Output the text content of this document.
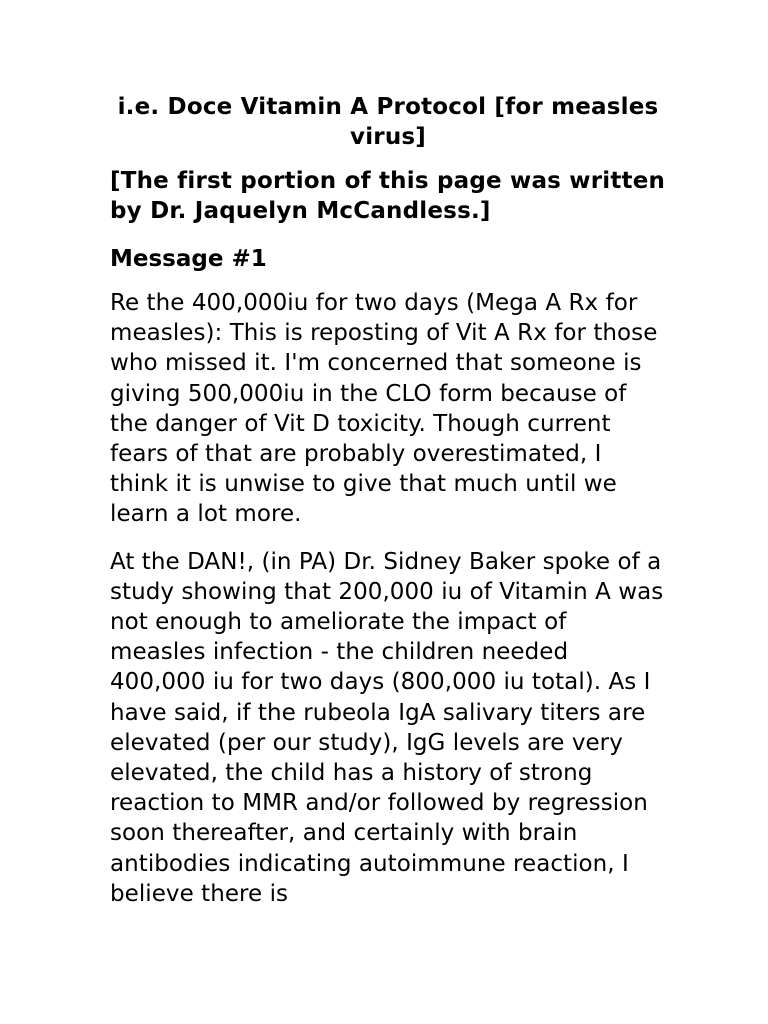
i.e. Doce Vitamin A Protocol [for measles virus]

[The first portion of this page was written by Dr. Jaquelyn McCandless.]

Message #1

Re the 400,000iu for two days (Mega A Rx for measles): This is reposting of Vit A Rx for those who missed it. I'm concerned that someone is giving 500,000iu in the CLO form because of the danger of Vit D toxicity. Though current fears of that are probably overestimated, I think it is unwise to give that much until we learn a lot more.

At the DAN!, (in PA) Dr. Sidney Baker spoke of a study showing that 200,000 iu of Vitamin A was not enough to ameliorate the impact of measles infection - the children needed 400,000 iu for two days (800,000 iu total). As I have said, if the rubeola IgA salivary titers are elevated (per our study), IgG levels are very elevated, the child has a history of strong reaction to MMR and/or followed by regression soon thereafter, and certainly with brain antibodies indicating autoimmune reaction, I believe there is
